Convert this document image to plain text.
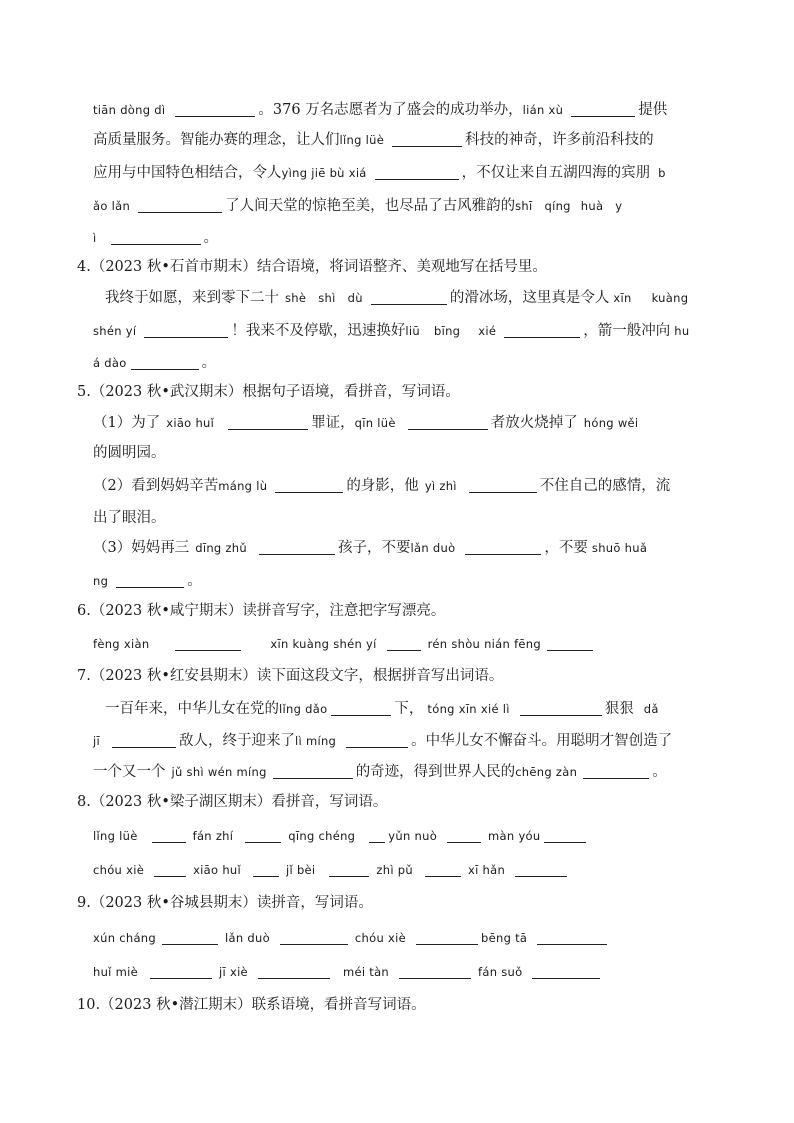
tiān dòng dì	。376 万名志愿者为了盛会的成功举办，lián xù	提供
高质量服务。智能办赛的理念，让人们lǐng lüè	科技的神奇，许多前沿科技的
应用与中国特色相结合，令人yìng jiē bù xiá	，不仅让来自五湖四海的宾朋 b
ǎo lǎn	了人间天堂的惊艳至美，也尽品了古风雅韵的shī qíng huà y
ì	。
4.（2023 秋•石首市期末）结合语境，将词语整齐、美观地写在括号里。
我终于如愿，来到零下二十 shè shì dù	的滑冰场，这里真是令人 xīn kuàng
shén yí	！我来不及停歇，迅速换好liū bīng xié	，箭一般冲向 hu
á dào	。
5.（2023 秋•武汉期末）根据句子语境，看拼音，写词语。
（1）为了 xiāo huǐ	罪证，qīn lüè	者放火烧掉了 hóng wěi
的圆明园。
（2）看到妈妈辛苦máng lù	的身影，他 yì zhì	不住自己的感情，流
出了眼泪。
（3）妈妈再三 dīng zhǔ	孩子，不要lǎn duò	，不要 shuō huǎ
ng	。
6.（2023 秋•咸宁期末）读拼音写字，注意把字写漂亮。
fèng xiàn	xīn kuàng shén yí	rén shòu nián fēng
7.（2023 秋•红安县期末）读下面这段文字，根据拼音写出词语。
一百年来，中华儿女在党的lǐng dǎo	下， tóng xīn xié lì	狠狠 dǎ
jī	敌人，终于迎来了lì míng	。中华儿女不懈奋斗。用聪明才智创造了
一个又一个 jǔ shì wén míng	的奇迹，得到世界人民的chēng zàn	。
8.（2023 秋•梁子湖区期末）看拼音，写词语。
lǐng lüè	fán zhí	qīng chéng	yǔn nuò	màn yóu
chóu xiè	xiāo huǐ	jǐ bèi	zhì pǔ	xī hǎn
9.（2023 秋•谷城县期末）读拼音，写词语。
xún cháng	lǎn duò	chóu xiè	bēng tā
huǐ miè	jī xiè	méi tàn	fán suǒ
10.（2023 秋•潜江期末）联系语境，看拼音写词语。
